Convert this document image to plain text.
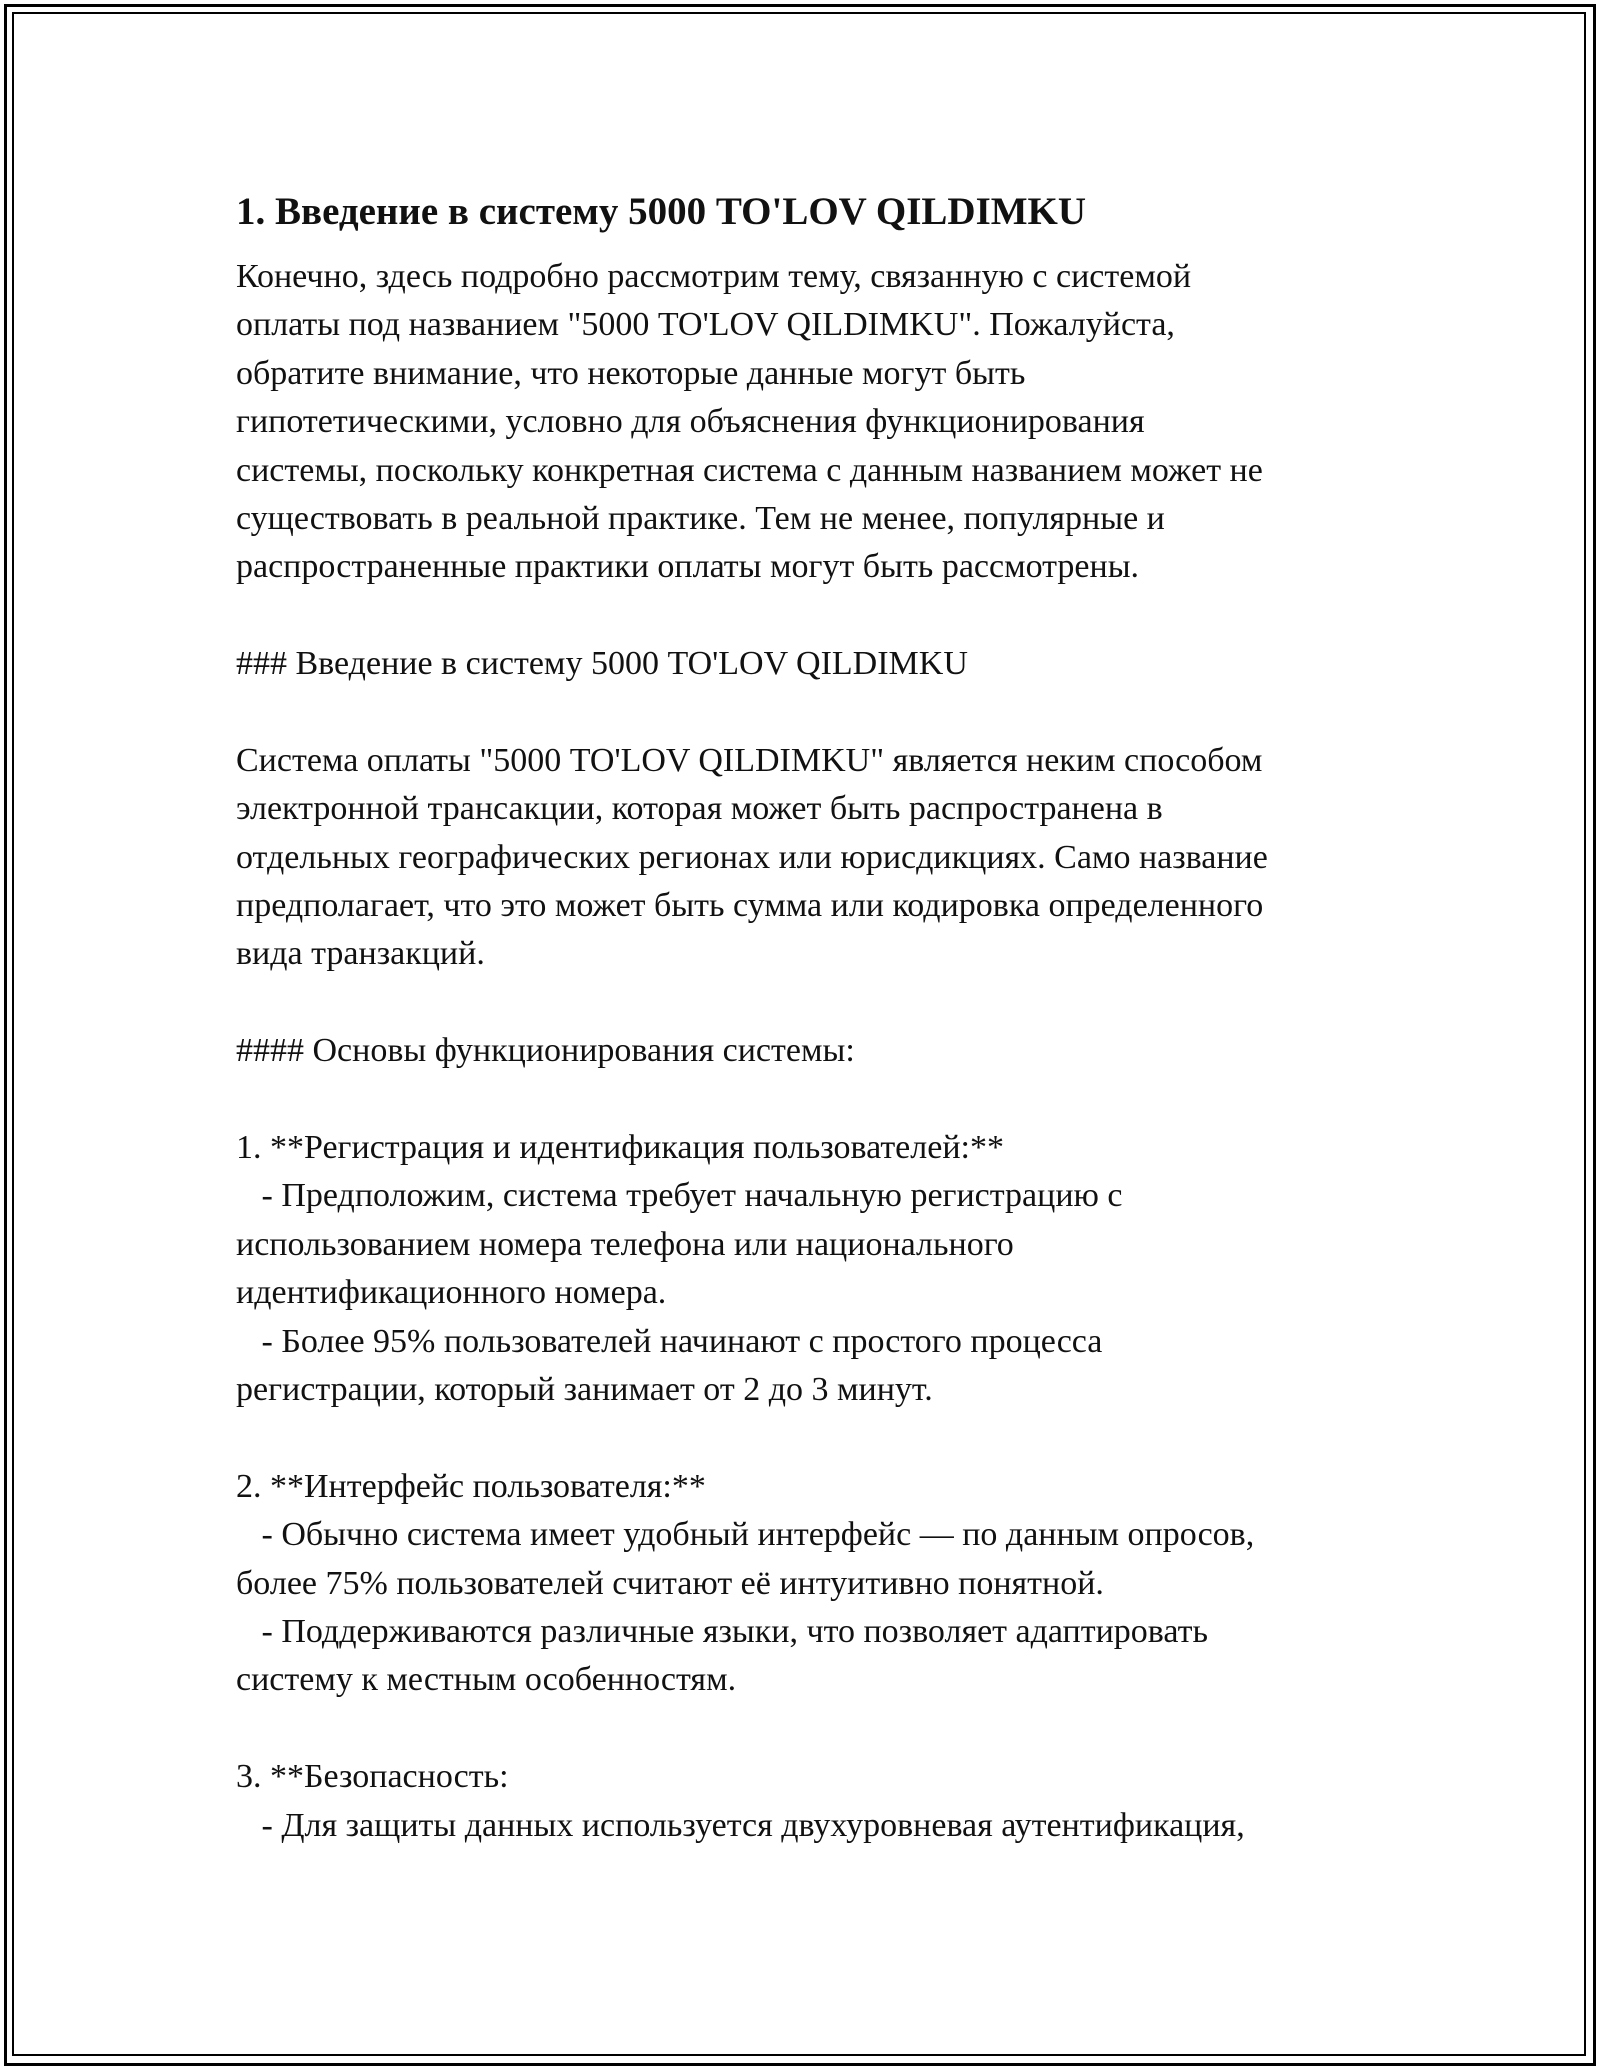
1. Введение в систему 5000 TO'LOV QILDIMKU
Конечно, здесь подробно рассмотрим тему, связанную с системой
оплаты под названием "5000 TO'LOV QILDIMKU". Пожалуйста,
обратите внимание, что некоторые данные могут быть
гипотетическими, условно для объяснения функционирования
системы, поскольку конкретная система с данным названием может не
существовать в реальной практике. Тем не менее, популярные и
распространенные практики оплаты могут быть рассмотрены.
### Введение в систему 5000 TO'LOV QILDIMKU
Система оплаты "5000 TO'LOV QILDIMKU" является неким способом
электронной трансакции, которая может быть распространена в
отдельных географических регионах или юрисдикциях. Само название
предполагает, что это может быть сумма или кодировка определенного
вида транзакций.
#### Основы функционирования системы:
1. **Регистрация и идентификация пользователей:**
- Предположим, система требует начальную регистрацию с
использованием номера телефона или национального
идентификационного номера.
- Более 95% пользователей начинают с простого процесса
регистрации, который занимает от 2 до 3 минут.
2. **Интерфейс пользователя:**
- Обычно система имеет удобный интерфейс — по данным опросов,
более 75% пользователей считают её интуитивно понятной.
- Поддерживаются различные языки, что позволяет адаптировать
систему к местным особенностям.
3. **Безопасность:
- Для защиты данных используется двухуровневая аутентификация,
